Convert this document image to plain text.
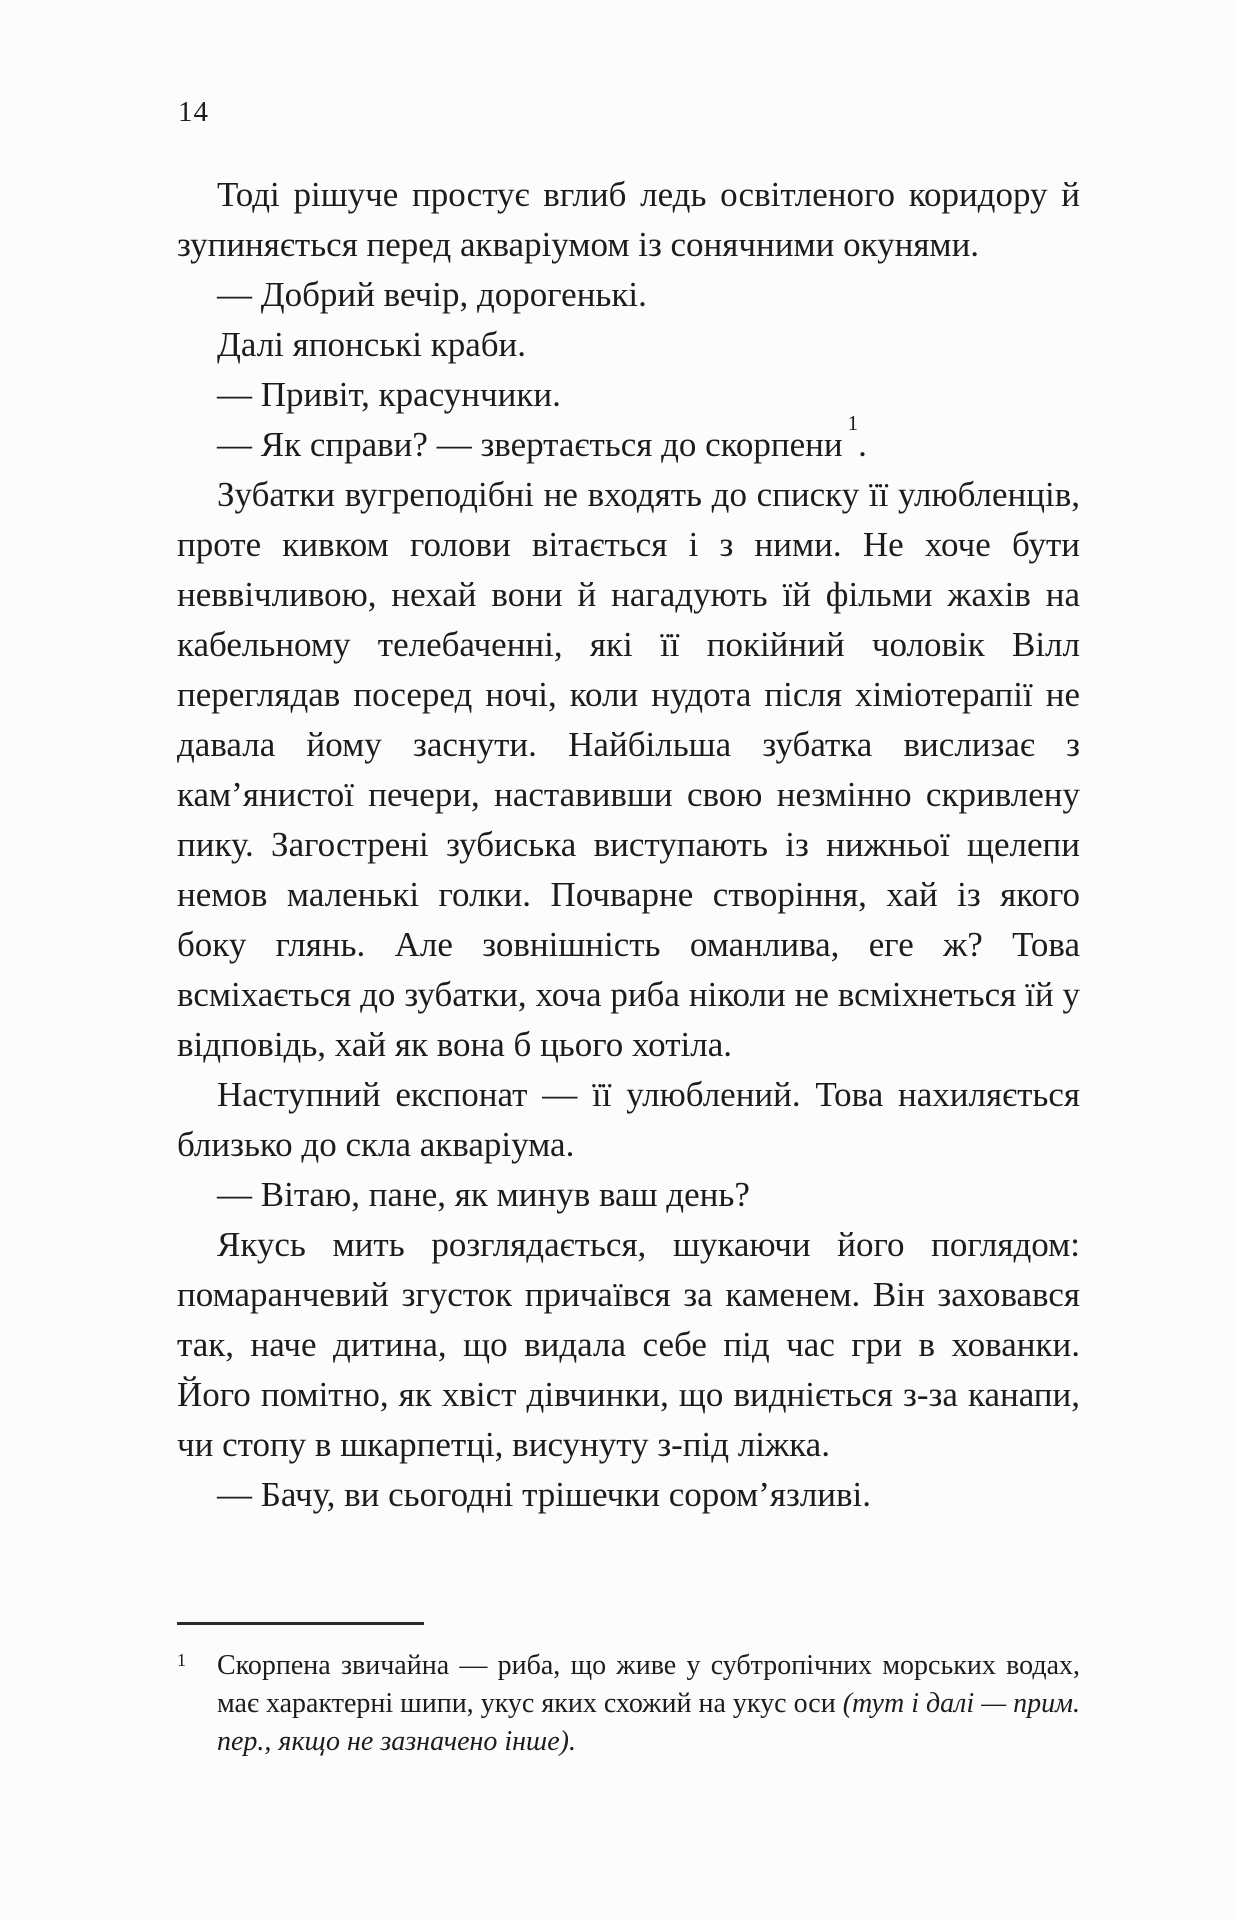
14

Тоді рішуче простує вглиб ледь освітленого коридору й зупиняється перед акваріумом із сонячними окунями.

— Добрий вечір, дорогенькі.

Далі японські краби.

— Привіт, красунчики.

— Як справи? — звертається до скорпени$^1$.

Зубатки вугреподібні не входять до списку її улюбленців, проте кивком голови вітається і з ними. Не хоче бути неввічливою, нехай вони й нагадують їй фільми жахів на кабельному телебаченні, які її покійний чоловік Вілл переглядав посеред ночі, коли нудота після хіміотерапії не давала йому заснути. Найбільша зубатка вислизає з кам’янистої печери, наставивши свою незмінно скривлену пику. Загострені зубиська виступають із нижньої щелепи немов маленькі голки. Почварне створіння, хай із якого боку глянь. Але зовнішність оманлива, еге ж? Това всміхається до зубатки, хоча риба ніколи не всміхнеться їй у відповідь, хай як вона б цього хотіла.

Наступний експонат — її улюблений. Това нахиляється близько до скла акваріума.

— Вітаю, пане, як минув ваш день?

Якусь мить розглядається, шукаючи його поглядом: помаранчевий згусток причаївся за каменем. Він заховався так, наче дитина, що видала себе під час гри в хованки. Його помітно, як хвіст дівчинки, що видніється з-за канапи, чи стопу в шкарпетці, висунуту з-під ліжка.

— Бачу, ви сьогодні трішечки сором’язливі.

1	Скорпена звичайна — риба, що живе у субтропічних морських водах, має характерні шипи, укус яких схожий на укус оси (тут і далі — прим. пер., якщо не зазначено інше).
